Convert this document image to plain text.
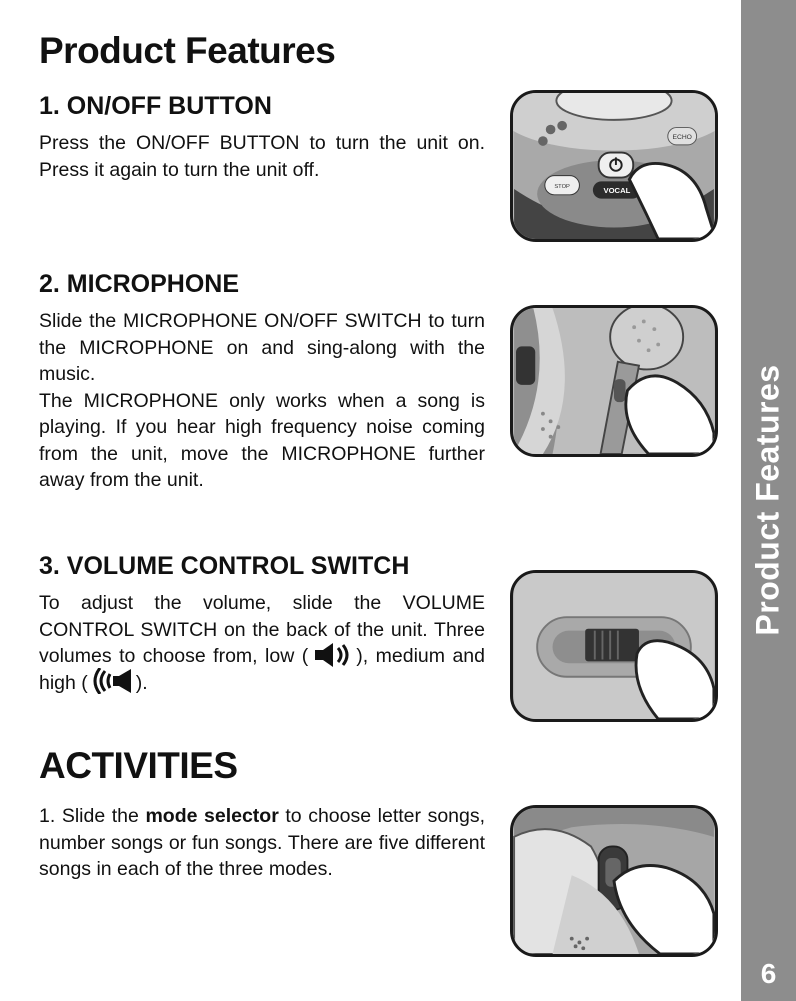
Product Features
6
Product Features
1. ON/OFF BUTTON

Press the ON/OFF BUTTON to turn the unit on. Press it again to turn the unit off.

ECHO
STOP	VOCAL
2. MICROPHONE

Slide the MICROPHONE ON/OFF SWITCH to turn the MICROPHONE on and sing-along with the music.

The MICROPHONE only works when a song is playing. If you hear high frequency noise coming from the unit, move the MICROPHONE further away from the unit.

3. VOLUME CONTROL SWITCH

To adjust the volume, slide the VOLUME CONTROL SWITCH on the back of the unit. Three volumes to choose from, low ( ), medium and high ( ).

ACTIVITIES

1. Slide the mode selector to choose letter songs, number songs or fun songs. There are five different songs in each of the three modes.
